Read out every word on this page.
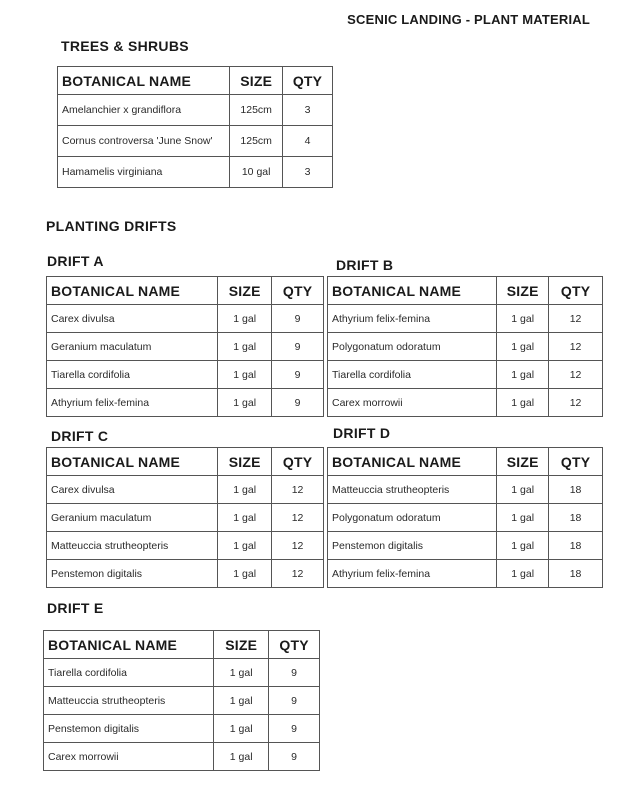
SCENIC LANDING - PLANT MATERIAL
TREES & SHRUBS
BOTANICAL NAME	SIZE	QTY
Amelanchier x grandiflora	125cm	3
Cornus controversa 'June Snow'	125cm	4
Hamamelis virginiana	10 gal	3
PLANTING DRIFTS
DRIFT A
BOTANICAL NAME	SIZE	QTY
Carex divulsa	1 gal	9
Geranium maculatum	1 gal	9
Tiarella cordifolia	1 gal	9
Athyrium felix-femina	1 gal	9
DRIFT B
BOTANICAL NAME	SIZE	QTY
Athyrium felix-femina	1 gal	12
Polygonatum odoratum	1 gal	12
Tiarella cordifolia	1 gal	12
Carex morrowii	1 gal	12
DRIFT C
BOTANICAL NAME	SIZE	QTY
Carex divulsa	1 gal	12
Geranium maculatum	1 gal	12
Matteuccia strutheopteris	1 gal	12
Penstemon digitalis	1 gal	12
DRIFT D
BOTANICAL NAME	SIZE	QTY
Matteuccia strutheopteris	1 gal	18
Polygonatum odoratum	1 gal	18
Penstemon digitalis	1 gal	18
Athyrium felix-femina	1 gal	18
DRIFT E
BOTANICAL NAME	SIZE	QTY
Tiarella cordifolia	1 gal	9
Matteuccia strutheopteris	1 gal	9
Penstemon digitalis	1 gal	9
Carex morrowii	1 gal	9
